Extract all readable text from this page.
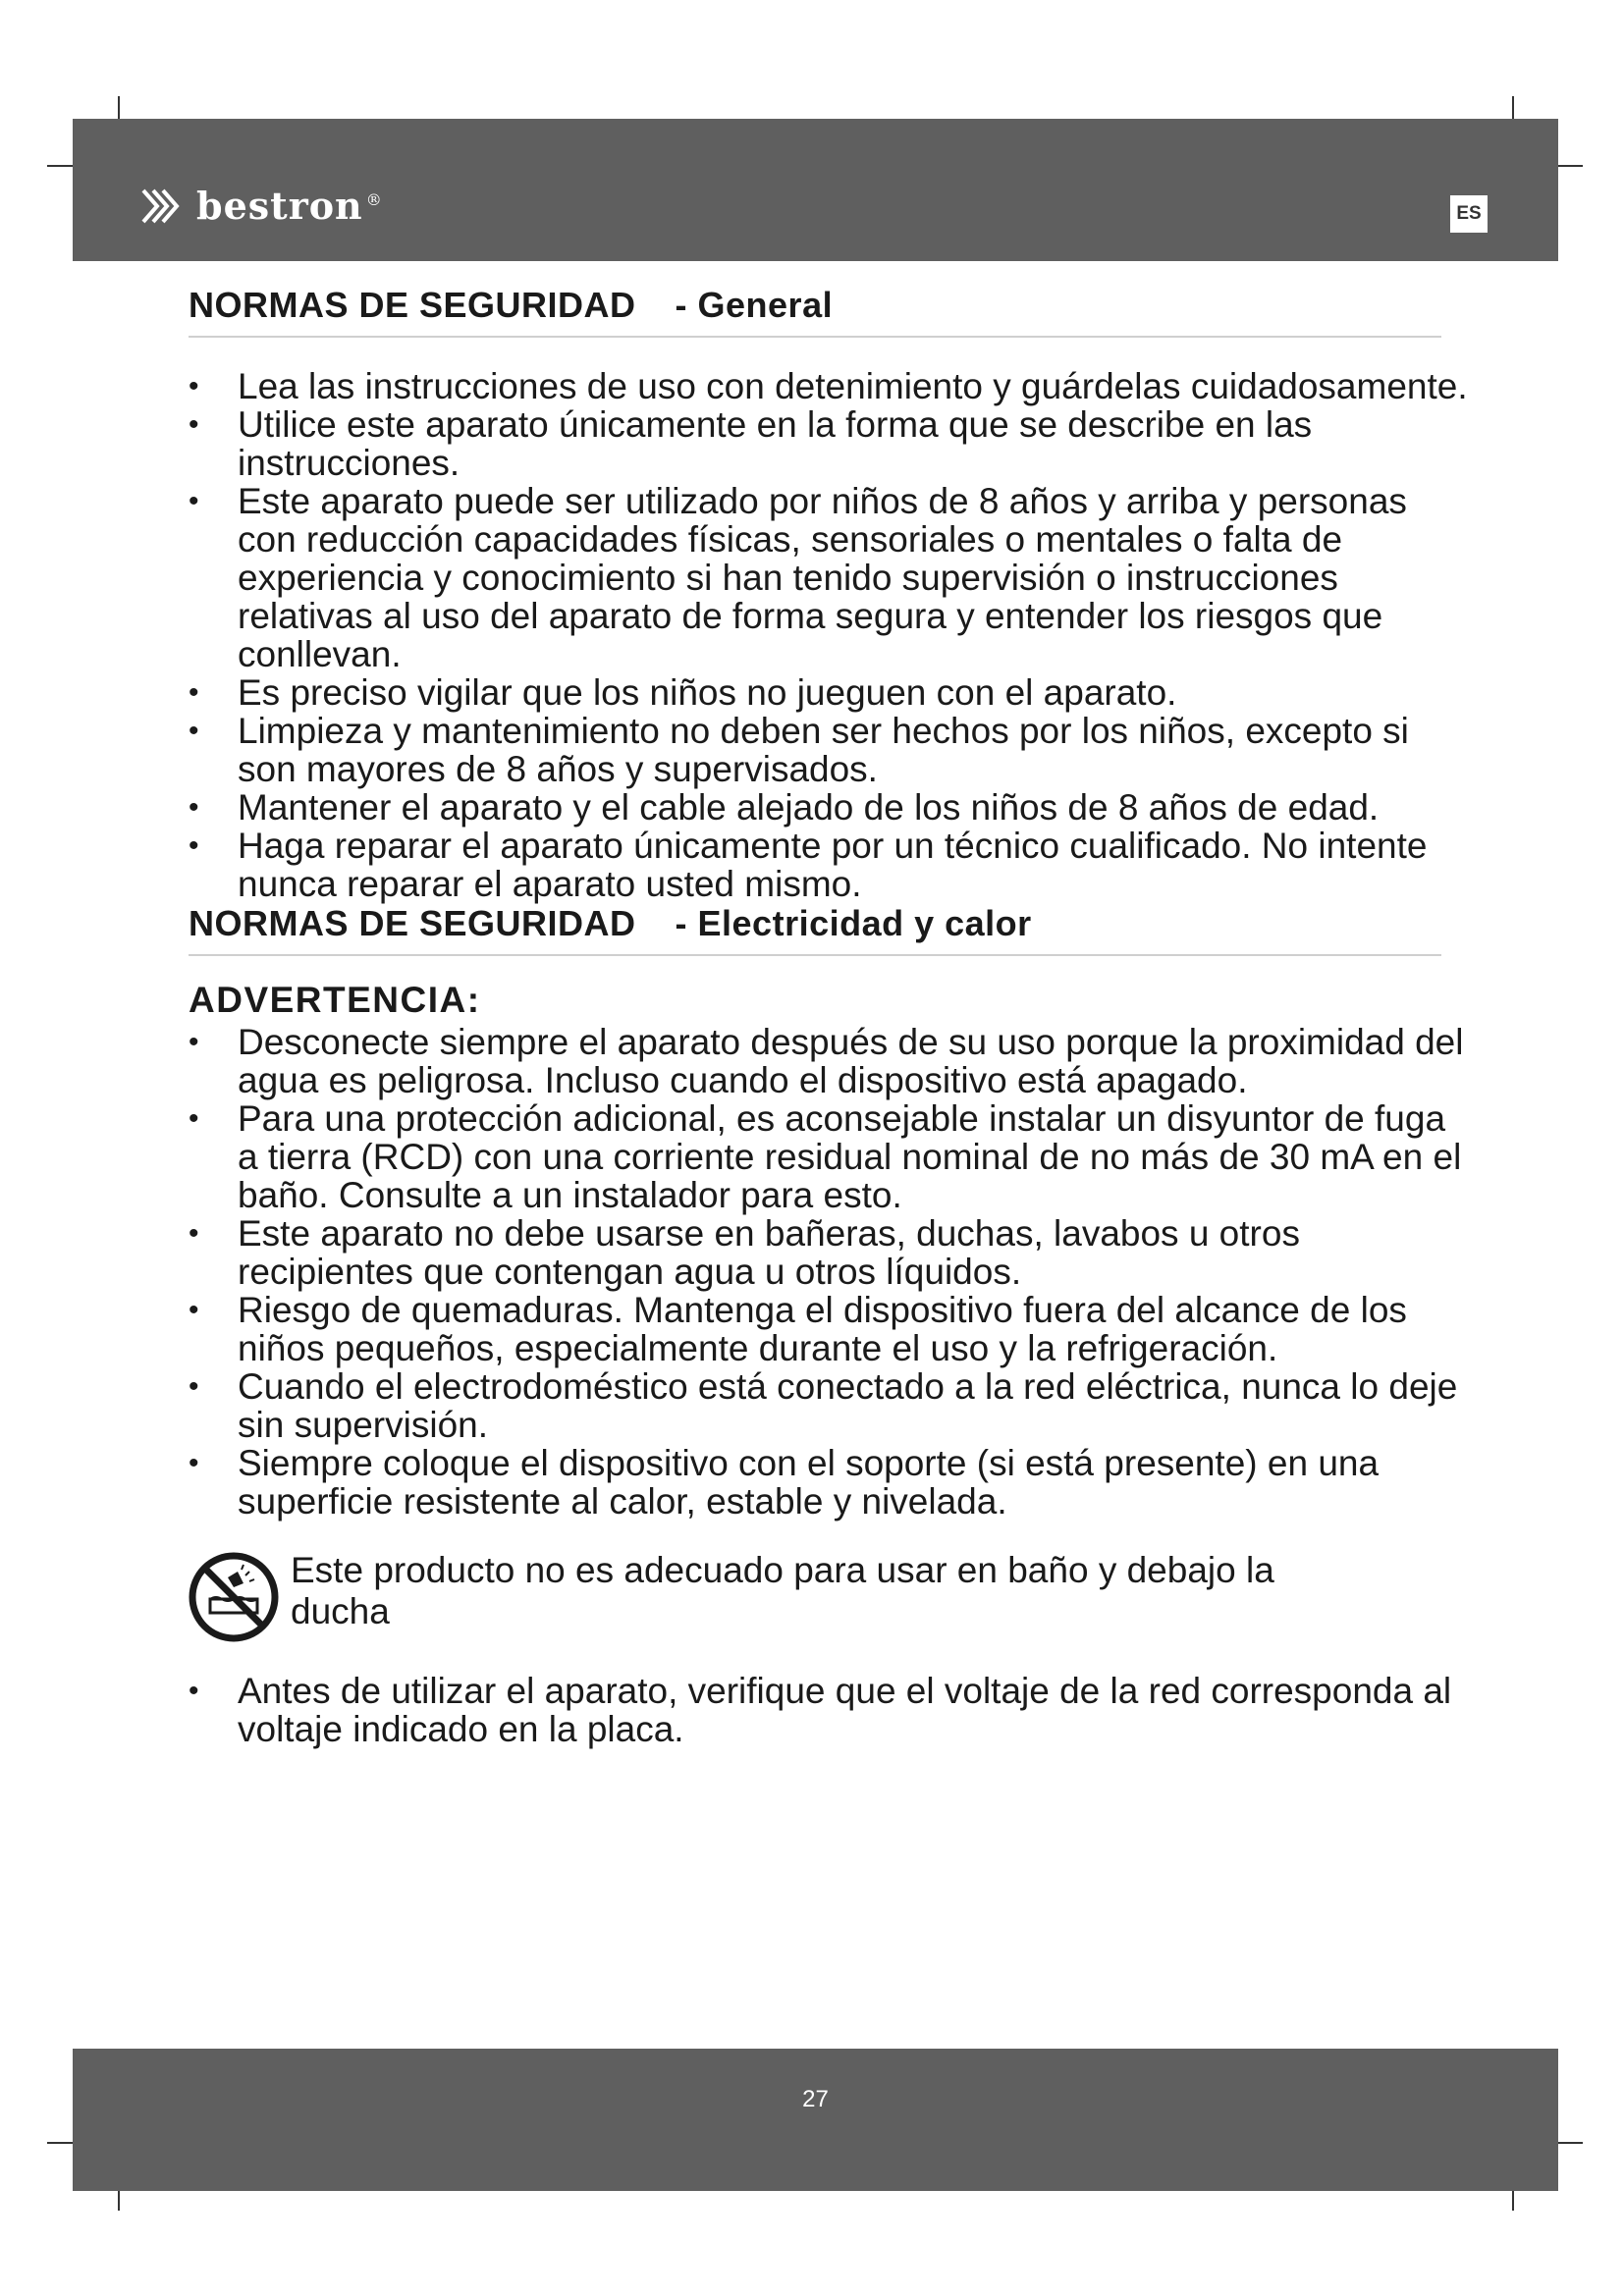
bestron ®
ES
NORMAS DE SEGURIDAD - General
• Lea las instrucciones de uso con detenimiento y guárdelas cuidadosamente.
• Utilice este aparato únicamente en la forma que se describe en las instrucciones.
• Este aparato puede ser utilizado por niños de 8 años y arriba y personas con reducción capacidades físicas, sensoriales o mentales o falta de experiencia y conocimiento si han tenido supervisión o instrucciones relativas al uso del aparato de forma segura y entender los riesgos que conllevan.
• Es preciso vigilar que los niños no jueguen con el aparato.
• Limpieza y mantenimiento no deben ser hechos por los niños, excepto si son mayores de 8 años y supervisados.
• Mantener el aparato y el cable alejado de los niños de 8 años de edad.
• Haga reparar el aparato únicamente por un técnico cualificado. No intente nunca reparar el aparato usted mismo.
NORMAS DE SEGURIDAD - Electricidad y calor
ADVERTENCIA:
• Desconecte siempre el aparato después de su uso porque la proximidad del agua es peligrosa. Incluso cuando el dispositivo está apagado.
• Para una protección adicional, es aconsejable instalar un disyuntor de fuga a tierra (RCD) con una corriente residual nominal de no más de 30 mA en el baño. Consulte a un instalador para esto.
• Este aparato no debe usarse en bañeras, duchas, lavabos u otros recipientes que contengan agua u otros líquidos.
• Riesgo de quemaduras. Mantenga el dispositivo fuera del alcance de los niños pequeños, especialmente durante el uso y la refrigeración.
• Cuando el electrodoméstico está conectado a la red eléctrica, nunca lo deje sin supervisión.
• Siempre coloque el dispositivo con el soporte (si está presente) en una superficie resistente al calor, estable y nivelada.
Este producto no es adecuado para usar en baño y debajo la ducha
• Antes de utilizar el aparato, verifique que el voltaje de la red corresponda al voltaje indicado en la placa.
27
